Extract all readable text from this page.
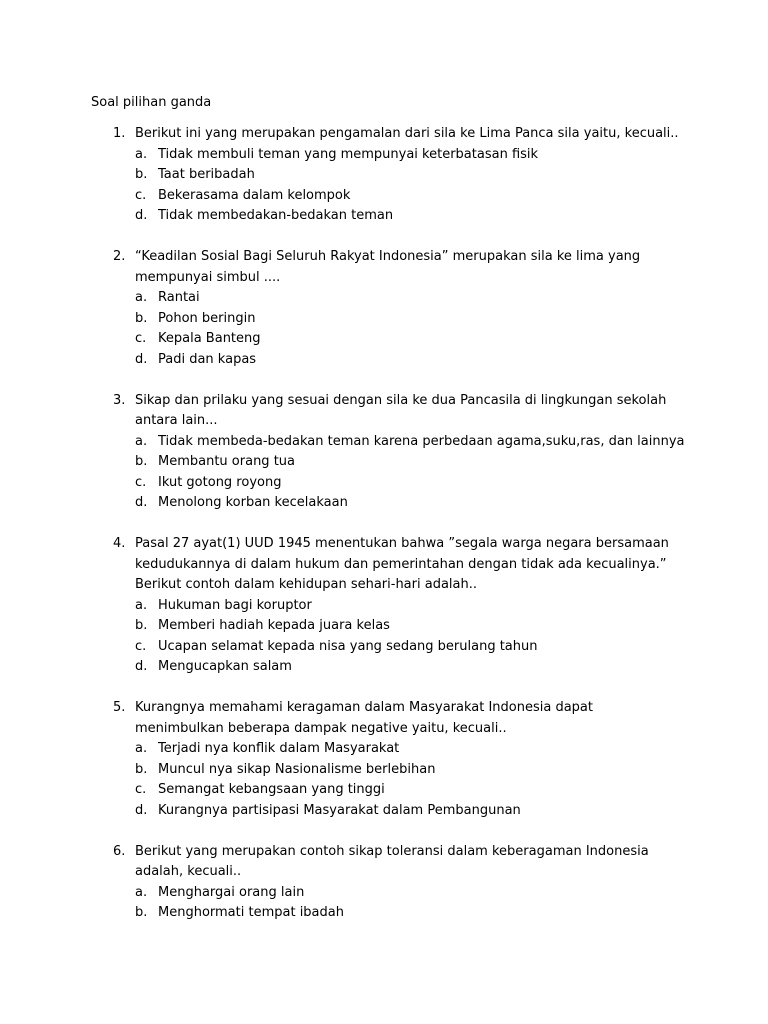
Soal pilihan ganda
1. Berikut ini yang merupakan pengamalan dari sila ke Lima Panca sila yaitu, kecuali..

a. Tidak membuli teman yang mempunyai keterbatasan fisik
b. Taat beribadah
c. Bekerasama dalam kelompok
d. Tidak membedakan-bedakan teman
2. “Keadilan Sosial Bagi Seluruh Rakyat Indonesia” merupakan sila ke lima yang mempunyai simbul ....

a. Rantai
b. Pohon beringin
c. Kepala Banteng
d. Padi dan kapas
3. Sikap dan prilaku yang sesuai dengan sila ke dua Pancasila di lingkungan sekolah antara lain...

a. Tidak membeda-bedakan teman karena perbedaan agama,suku,ras, dan lainnya
b. Membantu orang tua
c. Ikut gotong royong
d. Menolong korban kecelakaan
4. Pasal 27 ayat(1) UUD 1945 menentukan bahwa ”segala warga negara bersamaan kedudukannya di dalam hukum dan pemerintahan dengan tidak ada kecualinya.” Berikut contoh dalam kehidupan sehari-hari adalah..

a. Hukuman bagi koruptor
b. Memberi hadiah kepada juara kelas
c. Ucapan selamat kepada nisa yang sedang berulang tahun
d. Mengucapkan salam
5. Kurangnya memahami keragaman dalam Masyarakat Indonesia dapat menimbulkan beberapa dampak negative yaitu, kecuali..

a. Terjadi nya konflik dalam Masyarakat
b. Muncul nya sikap Nasionalisme berlebihan
c. Semangat kebangsaan yang tinggi
d. Kurangnya partisipasi Masyarakat dalam Pembangunan
6. Berikut yang merupakan contoh sikap toleransi dalam keberagaman Indonesia adalah, kecuali..

a. Menghargai orang lain
b. Menghormati tempat ibadah
